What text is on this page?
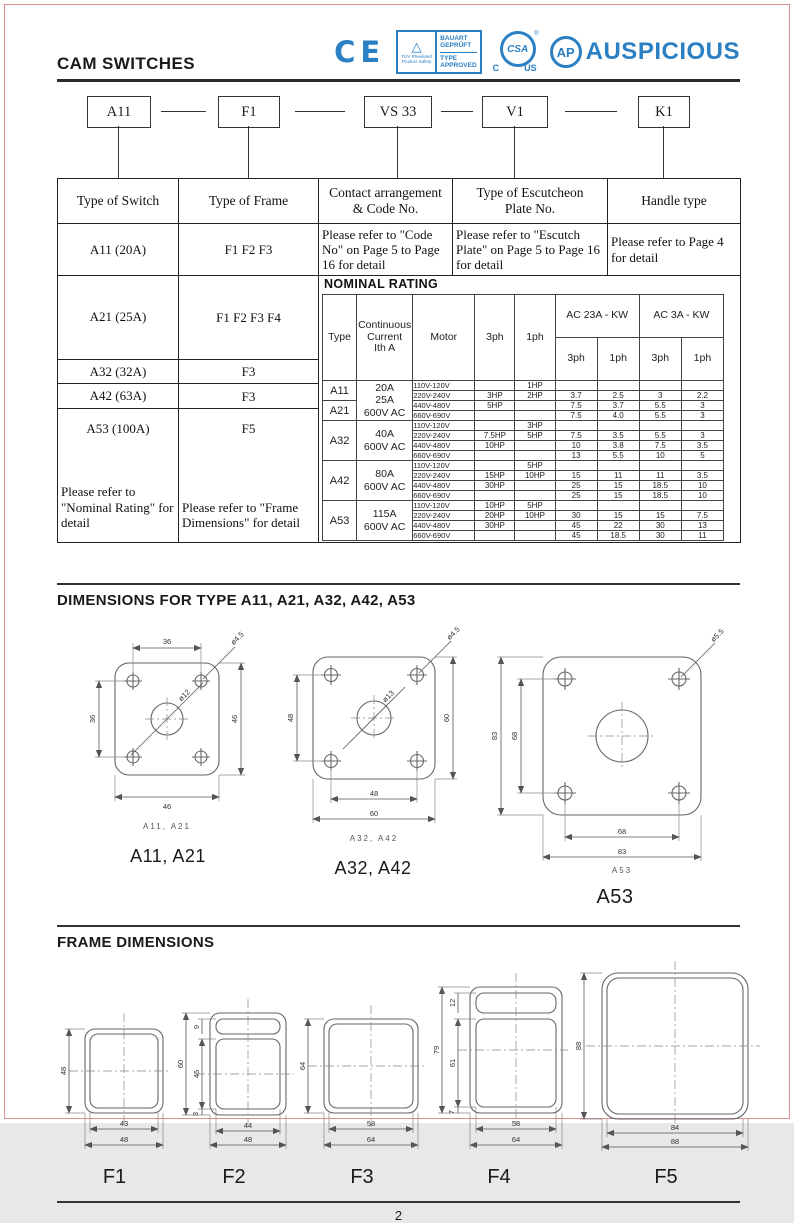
CAM SWITCHES	CE △
TÜV Rheinland Product Safety
BAUART
GEPRÜFT
TYPE
APPROVED
CSA
®
C	US
AP AUSPICIOUS
A11	F1	VS 33	V1	K1
Type of Switch	Type of Frame	Contact arrangement
& Code No.	Type of Escutcheon
Plate No.	Handle type
A11 (20A)	F1 F2 F3	Please refer to "Code No" on Page 5 to Page 16 for detail	Please refer to "Escutch Plate" on Page 5 to Page 16 for detail	Please refer to Page 4 for detail
A21 (25A)	F1 F2 F3 F4	
NOMINAL RATING
Type	Continuous
Current
Ith A	Motor	3ph	1ph	AC 23A - KW	AC 3A - KW
3ph	1ph	3ph	1ph
A11	20A
25A
600V AC	110V-120V		1HP				
220V-240V	3HP	2HP	3.7	2.5	3	2.2
A21	440V-480V	5HP		7.5	3.7	5.5	3
660V-690V			7.5	4.0	5.5	3
A32	40A
600V AC	110V-120V		3HP				
220V-240V	7.5HP	5HP	7.5	3.5	5.5	3
440V-480V	10HP		10	3.8	7.5	3.5
660V-690V			13	5.5	10	5
A42	80A
600V AC	110V-120V		5HP				
220V-240V	15HP	10HP	15	11	11	3.5
440V-480V	30HP		25	15	18.5	10
660V-690V			25	15	18.5	10
A53	115A
600V AC	110V-120V	10HP	5HP				
220V-240V	20HP	10HP	30	15	15	7.5
440V-480V	30HP		45	22	30	13
660V-690V			45	18.5	30	11

A32 (32A)	F3
A42 (63A)	F3

A53 (100A)
Please refer to "Nominal Rating" for detail

F5
Please refer to "Frame Dimensions" for detail
DIMENSIONS FOR TYPE A11, A21, A32, A42, A53
36
36	46
46
ø12
ø4.5
A11, A21
A11, A21
48	60
48
60
ø13
ø4.5
A32, A42
A32, A42
83 68
68
83
ø5.5
A53
A53
FRAME DIMENSIONS
48
43
48
F1
60
9
45
3
44
48
F2
64
58
64
F3
79
12
61
7
58
64
F4
88
84
88
F5
2
